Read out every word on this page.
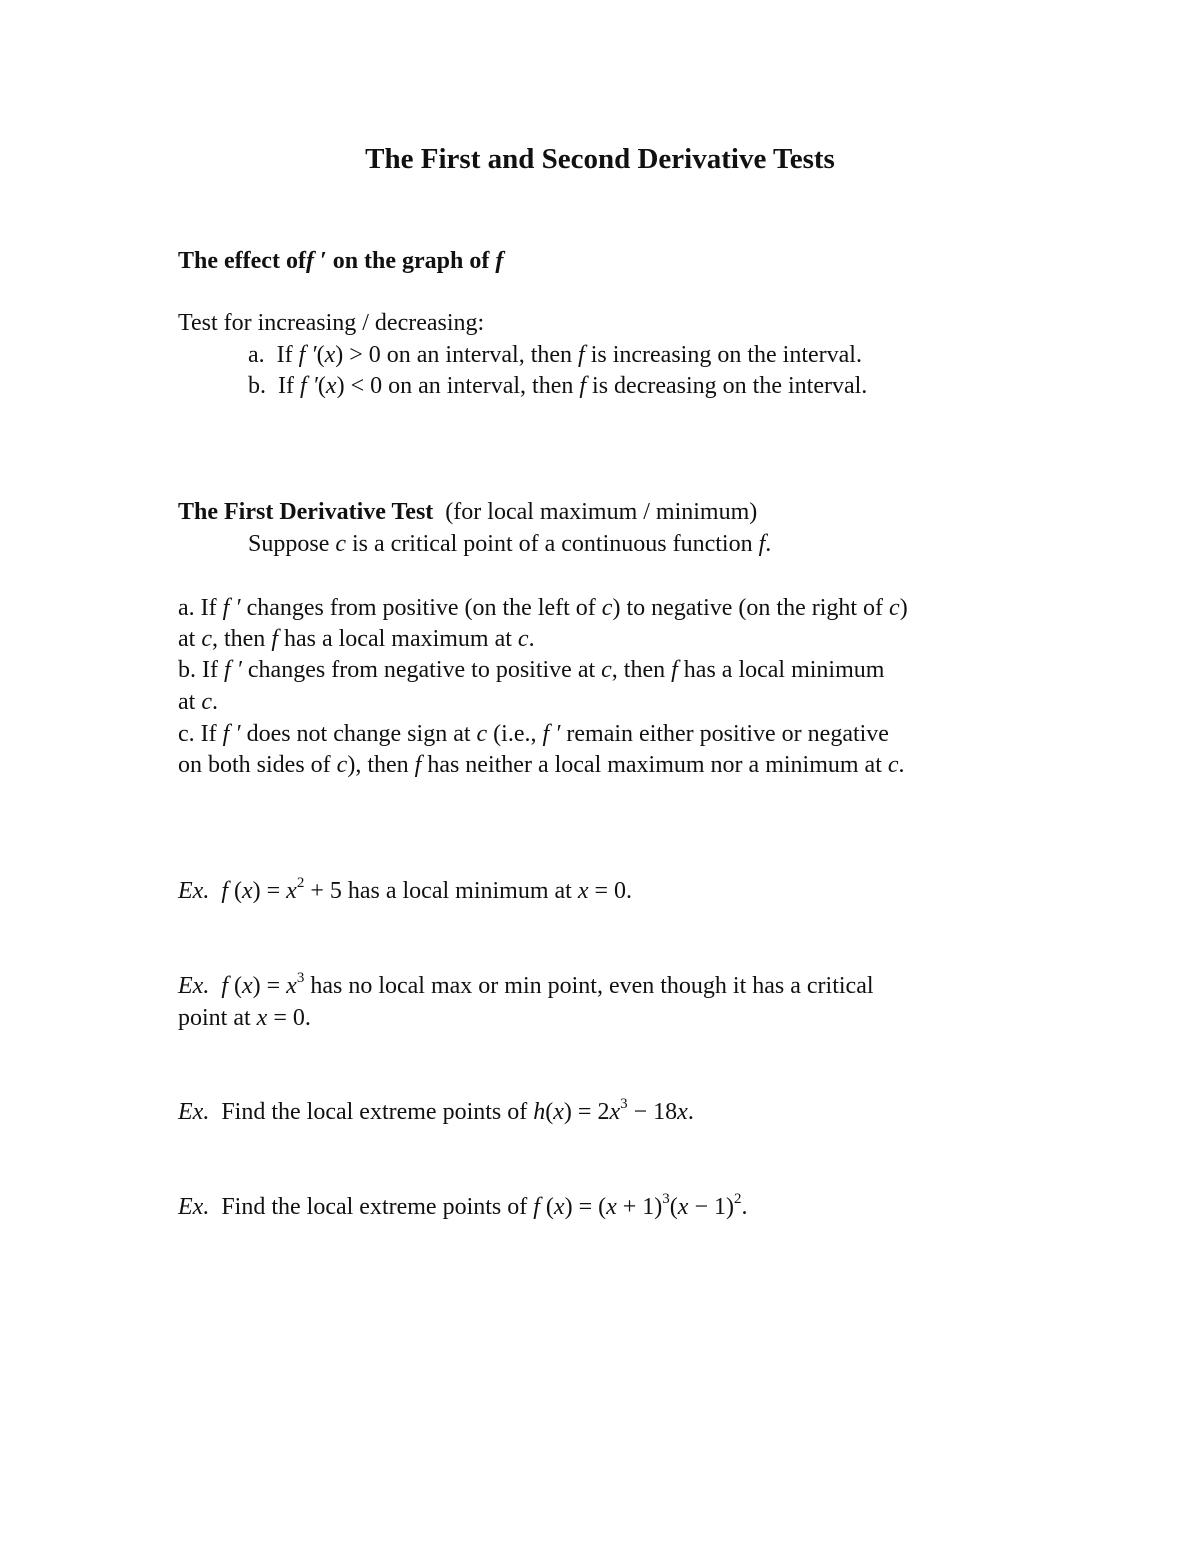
The First and Second Derivative Tests
The effect off ′ on the graph of f
Test for increasing / decreasing:
a. If f ′(x) > 0 on an interval, then f is increasing on the interval.
b. If f ′(x) < 0 on an interval, then f is decreasing on the interval.
The First Derivative Test (for local maximum / minimum)
Suppose c is a critical point of a continuous function f.
a. If f ′ changes from positive (on the left of c) to negative (on the right of c)
at c, then f has a local maximum at c.
b. If f ′ changes from negative to positive at c, then f has a local minimum
at c.
c. If f ′ does not change sign at c (i.e., f ′ remain either positive or negative
on both sides of c), then f has neither a local maximum nor a minimum at c.
Ex. f $(x) = x^2 + 5$ has a local minimum at x = 0.
Ex. f $(x) = x^3$ has no local max or min point, even though it has a critical
point at x = 0.
Ex. Find the local extreme points of $h(x) = 2x^3 - 18x$.
Ex. Find the local extreme points of f $(x) = (x + 1)^3(x - 1)^2$.
